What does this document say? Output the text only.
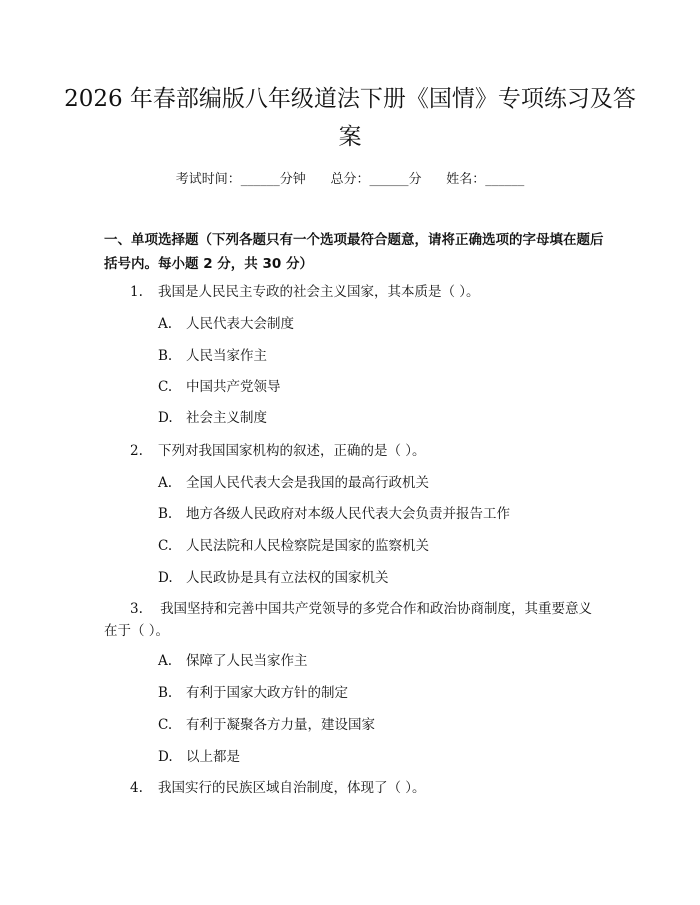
2026 年春部编版八年级道法下册《国情》专项练习及答案
考试时间：______分钟      总分：______分      姓名：______
一、单项选择题（下列各题只有一个选项最符合题意，请将正确选项的字母填在题后括号内。每小题 2 分，共 30 分）
1. 我国是人民民主专政的社会主义国家，其本质是（ ）。
A. 人民代表大会制度
B. 人民当家作主
C. 中国共产党领导
D. 社会主义制度
2. 下列对我国国家机构的叙述，正确的是（ ）。
A. 全国人民代表大会是我国的最高行政机关
B. 地方各级人民政府对本级人民代表大会负责并报告工作
C. 人民法院和人民检察院是国家的监察机关
D. 人民政协是具有立法权的国家机关
3. 我国坚持和完善中国共产党领导的多党合作和政治协商制度，其重要意义在于（ ）。
A. 保障了人民当家作主
B. 有利于国家大政方针的制定
C. 有利于凝聚各方力量，建设国家
D. 以上都是
4. 我国实行的民族区域自治制度，体现了（ ）。
